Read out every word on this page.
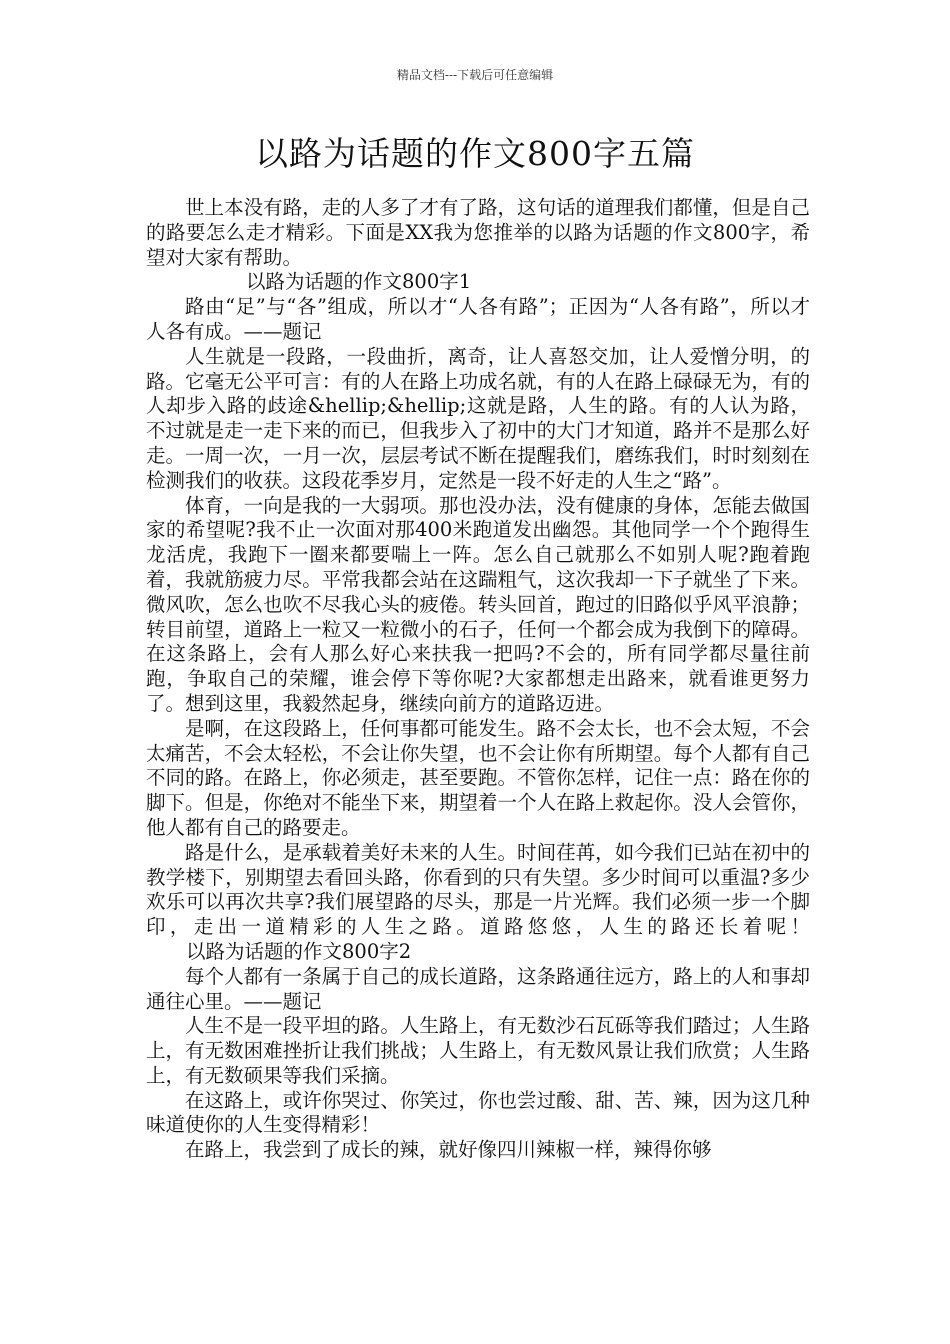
精品文档---下载后可任意编辑
以路为话题的作文800字五篇

世上本没有路，走的人多了才有了路，这句话的道理我们都懂，但是自己的路要怎么走才精彩。下面是XX我为您推举的以路为话题的作文800字，希望对大家有帮助。

以路为话题的作文800字1

路由“足”与“各”组成，所以才“人各有路”；正因为“人各有路”，所以才人各有成。——题记

人生就是一段路，一段曲折，离奇，让人喜怒交加，让人爱憎分明，的路。它毫无公平可言：有的人在路上功成名就，有的人在路上碌碌无为，有的人却步入路的歧途&hellip;&hellip;这就是路，人生的路。有的人认为路，不过就是走一走下来的而已，但我步入了初中的大门才知道，路并不是那么好走。一周一次，一月一次，层层考试不断在提醒我们，磨练我们，时时刻刻在检测我们的收获。这段花季岁月，定然是一段不好走的人生之“路”。

体育，一向是我的一大弱项。那也没办法，没有健康的身体，怎能去做国家的希望呢?我不止一次面对那400米跑道发出幽怨。其他同学一个个跑得生龙活虎，我跑下一圈来都要喘上一阵。怎么自己就那么不如别人呢?跑着跑着，我就筋疲力尽。平常我都会站在这踹粗气，这次我却一下子就坐了下来。微风吹，怎么也吹不尽我心头的疲倦。转头回首，跑过的旧路似乎风平浪静；转目前望，道路上一粒又一粒微小的石子，任何一个都会成为我倒下的障碍。在这条路上，会有人那么好心来扶我一把吗?不会的，所有同学都尽量往前跑，争取自己的荣耀，谁会停下等你呢?大家都想走出路来，就看谁更努力了。想到这里，我毅然起身，继续向前方的道路迈进。

是啊，在这段路上，任何事都可能发生。路不会太长，也不会太短，不会太痛苦，不会太轻松，不会让你失望，也不会让你有所期望。每个人都有自己不同的路。在路上，你必须走，甚至要跑。不管你怎样，记住一点：路在你的脚下。但是，你绝对不能坐下来，期望着一个人在路上救起你。没人会管你，他人都有自己的路要走。

路是什么，是承载着美好未来的人生。时间荏苒，如今我们已站在初中的教学楼下，别期望去看回头路，你看到的只有失望。多少时间可以重温?多少欢乐可以再次共享?我们展望路的尽头，那是一片光辉。我们必须一步一个脚印，走出一道精彩的人生之路。道路悠悠，人生的路还长着呢！以路为话题的作文800字2

每个人都有一条属于自己的成长道路，这条路通往远方，路上的人和事却通往心里。——题记

人生不是一段平坦的路。人生路上，有无数沙石瓦砾等我们踏过；人生路上，有无数困难挫折让我们挑战；人生路上，有无数风景让我们欣赏；人生路上，有无数硕果等我们采摘。

在这路上，或许你哭过、你笑过，你也尝过酸、甜、苦、辣，因为这几种味道使你的人生变得精彩！

在路上，我尝到了成长的辣，就好像四川辣椒一样，辣得你够
